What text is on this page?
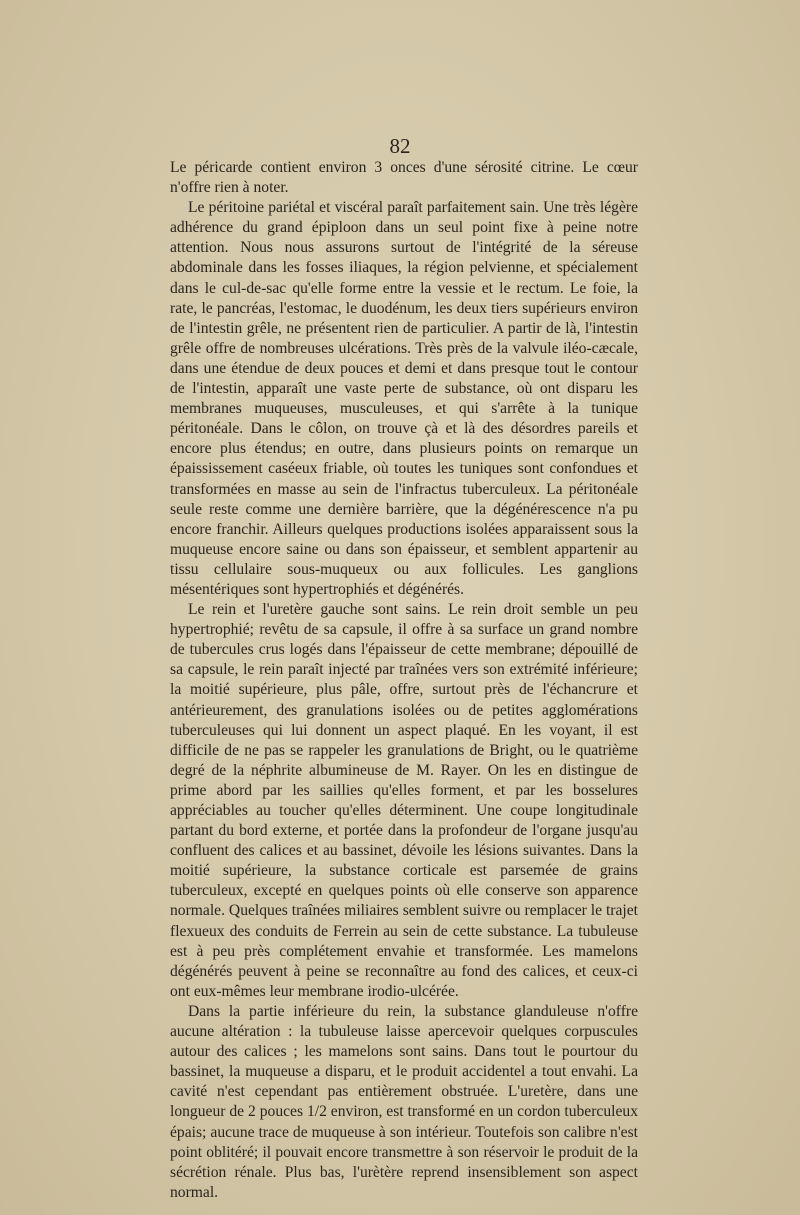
82

Le péricarde contient environ 3 onces d'une sérosité citrine. Le cœur n'offre rien à noter.

Le péritoine pariétal et viscéral paraît parfaitement sain. Une très légère adhérence du grand épiploon dans un seul point fixe à peine notre attention. Nous nous assurons surtout de l'intégrité de la séreuse abdominale dans les fosses iliaques, la région pelvienne, et spécialement dans le cul-de-sac qu'elle forme entre la vessie et le rectum. Le foie, la rate, le pancréas, l'estomac, le duodénum, les deux tiers supérieurs environ de l'intestin grêle, ne présentent rien de particulier. A partir de là, l'intestin grêle offre de nombreuses ulcérations. Très près de la valvule iléo-cæcale, dans une étendue de deux pouces et demi et dans presque tout le contour de l'intestin, apparaît une vaste perte de substance, où ont disparu les membranes muqueuses, musculeuses, et qui s'arrête à la tunique péritonéale. Dans le côlon, on trouve çà et là des désordres pareils et encore plus étendus; en outre, dans plusieurs points on remarque un épaississement caséeux friable, où toutes les tuniques sont confondues et transformées en masse au sein de l'infractus tuberculeux. La péritonéale seule reste comme une dernière barrière, que la dégénérescence n'a pu encore franchir. Ailleurs quelques productions isolées apparaissent sous la muqueuse encore saine ou dans son épaisseur, et semblent appartenir au tissu cellulaire sous-muqueux ou aux follicules. Les ganglions mésentériques sont hypertrophiés et dégénérés.

Le rein et l'uretère gauche sont sains. Le rein droit semble un peu hypertrophié; revêtu de sa capsule, il offre à sa surface un grand nombre de tubercules crus logés dans l'épaisseur de cette membrane; dépouillé de sa capsule, le rein paraît injecté par traînées vers son extrémité inférieure; la moitié supérieure, plus pâle, offre, surtout près de l'échancrure et antérieurement, des granulations isolées ou de petites agglomérations tuberculeuses qui lui donnent un aspect plaqué. En les voyant, il est difficile de ne pas se rappeler les granulations de Bright, ou le quatrième degré de la néphrite albumineuse de M. Rayer. On les en distingue de prime abord par les saillies qu'elles forment, et par les bosselures appréciables au toucher qu'elles déterminent. Une coupe longitudinale partant du bord externe, et portée dans la profondeur de l'organe jusqu'au confluent des calices et au bassinet, dévoile les lésions suivantes. Dans la moitié supérieure, la substance corticale est parsemée de grains tuberculeux, excepté en quelques points où elle conserve son apparence normale. Quelques traînées miliaires semblent suivre ou remplacer le trajet flexueux des conduits de Ferrein au sein de cette substance. La tubuleuse est à peu près complétement envahie et transformée. Les mamelons dégénérés peuvent à peine se reconnaître au fond des calices, et ceux-ci ont eux-mêmes leur membrane irodio-ulcérée.

Dans la partie inférieure du rein, la substance glanduleuse n'offre aucune altération : la tubuleuse laisse apercevoir quelques corpuscules autour des calices ; les mamelons sont sains. Dans tout le pourtour du bassinet, la muqueuse a disparu, et le produit accidentel a tout envahi. La cavité n'est cependant pas entièrement obstruée. L'uretère, dans une longueur de 2 pouces 1/2 environ, est transformé en un cordon tuberculeux épais; aucune trace de muqueuse à son intérieur. Toutefois son calibre n'est point oblitéré; il pouvait encore transmettre à son réservoir le produit de la sécrétion rénale. Plus bas, l'urètère reprend insensiblement son aspect normal.
